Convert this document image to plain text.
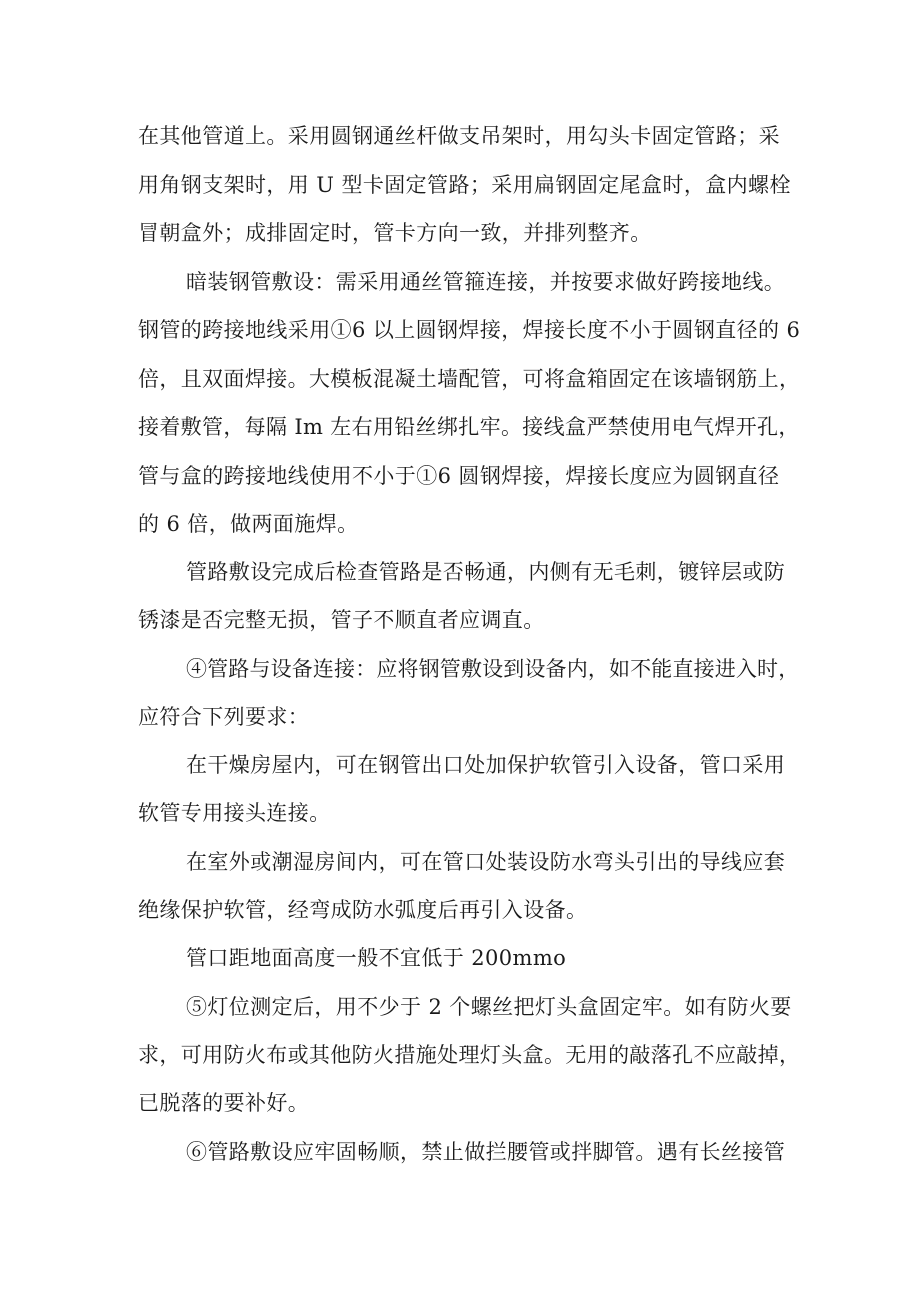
在其他管道上。采用圆钢通丝杆做支吊架时，用勾头卡固定管路；采

用角钢支架时，用 U 型卡固定管路；采用扁钢固定尾盒时，盒内螺栓

冒朝盒外；成排固定时，管卡方向一致，并排列整齐。

暗装钢管敷设：需采用通丝管箍连接，并按要求做好跨接地线。

钢管的跨接地线采用①6 以上圆钢焊接，焊接长度不小于圆钢直径的 6

倍，且双面焊接。大模板混凝土墙配管，可将盒箱固定在该墙钢筋上，

接着敷管，每隔 Im 左右用铅丝绑扎牢。接线盒严禁使用电气焊开孔，

管与盒的跨接地线使用不小于①6 圆钢焊接，焊接长度应为圆钢直径

的 6 倍，做两面施焊。

管路敷设完成后检查管路是否畅通，内侧有无毛刺，镀锌层或防

锈漆是否完整无损，管子不顺直者应调直。

④管路与设备连接：应将钢管敷设到设备内，如不能直接进入时，

应符合下列要求：

在干燥房屋内，可在钢管出口处加保护软管引入设备，管口采用

软管专用接头连接。

在室外或潮湿房间内，可在管口处装设防水弯头引出的导线应套

绝缘保护软管，经弯成防水弧度后再引入设备。

管口距地面高度一般不宜低于 200mmo

⑤灯位测定后，用不少于 2 个螺丝把灯头盒固定牢。如有防火要

求，可用防火布或其他防火措施处理灯头盒。无用的敲落孔不应敲掉，

已脱落的要补好。

⑥管路敷设应牢固畅顺，禁止做拦腰管或拌脚管。遇有长丝接管
